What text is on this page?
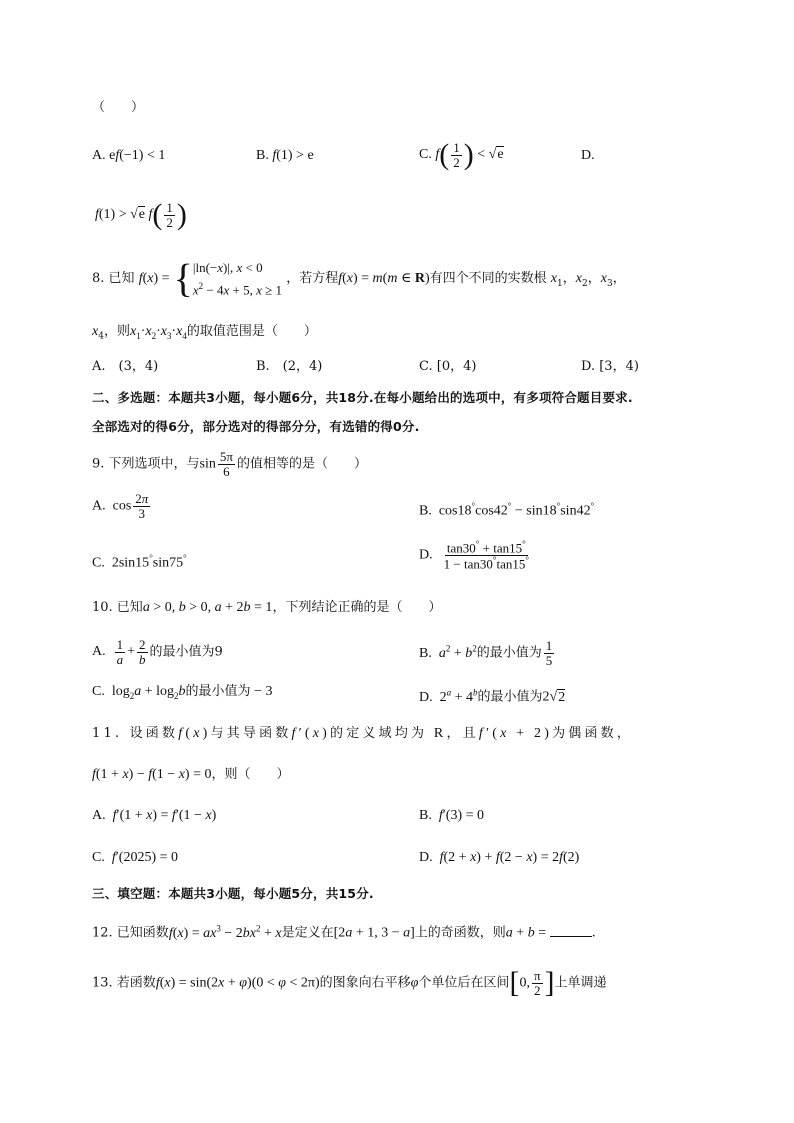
（　　）
A. ef(−1) < 1	B. f(1) > e	C. $f( \frac{1}{2}$ ) < √e	D.
f(1) > √e $f( \frac{1}{2}$ )
8. 已知 f(x) = { |ln(−x)|, x < 0
$x^2 - 4x + 5$, x ≥ 1
，若方程f(x) = m(m ∈ R)有四个不同的实数根 $x_1$，$x_2$，$x_3$，
$x_4$，则$x_1\cdot x_2\cdot x_3\cdot x_4$的取值范围是（　　）
A.　(3，4)	B.　(2，4)	C. [0，4)	D. [3，4)
二、多选题：本题共3小题，每小题6分，共18分.在每小题给出的选项中，有多项符合题目要求.
全部选对的得6分，部分选对的得部分分，有选错的得0分.
9. 下列选项中，与$\sin \frac{5\pi}{6}$ 的值相等的是（　　）
A.  $\cos \frac{2\pi}{3}$	B.  cos18°cos42° − sin18°sin42°
C.  2sin15°sin75°	D. $\frac{\tan 30^\circ + \tan 15^\circ}{1 - \tan 30^\circ\tan 15^\circ}$
10. 已知a > 0, b > 0, a + 2b = 1，下列结论正确的是（　　）
A. $\frac{1}{a} + \frac{2}{b}$ 的最小值为9	B.  $a^2 + b^2$的最小值为 $\frac{1}{5}$
C.  $\log_2a + \log_2b$的最小值为 − 3	D.  $2^a + 4^b$的最小值为2√2
11. 设函数f(x)与其导函数f′(x)的定义域均为 R，且f′(x + 2)为偶函数，
f(1 + x) − f(1 − x) = 0，则（　　）
A.  f′(1 + x) = f′(1 − x)	B.  f′(3) = 0
C.  f′(2025) = 0	D.  f(2 + x) + f(2 − x) = 2f(2)
三、填空题：本题共3小题，每小题5分，共15分.
12. 已知函数$f(x) = ax^3 - 2bx^2 + x$是定义在[2a + 1, 3 − a]上的奇函数，则a + b =	.
13. 若函数f(x) = sin(2x + φ)(0 < φ < 2π)的图象向右平移φ个单位后在区间[0, $\frac{\pi}{2}$ ]上单调递
